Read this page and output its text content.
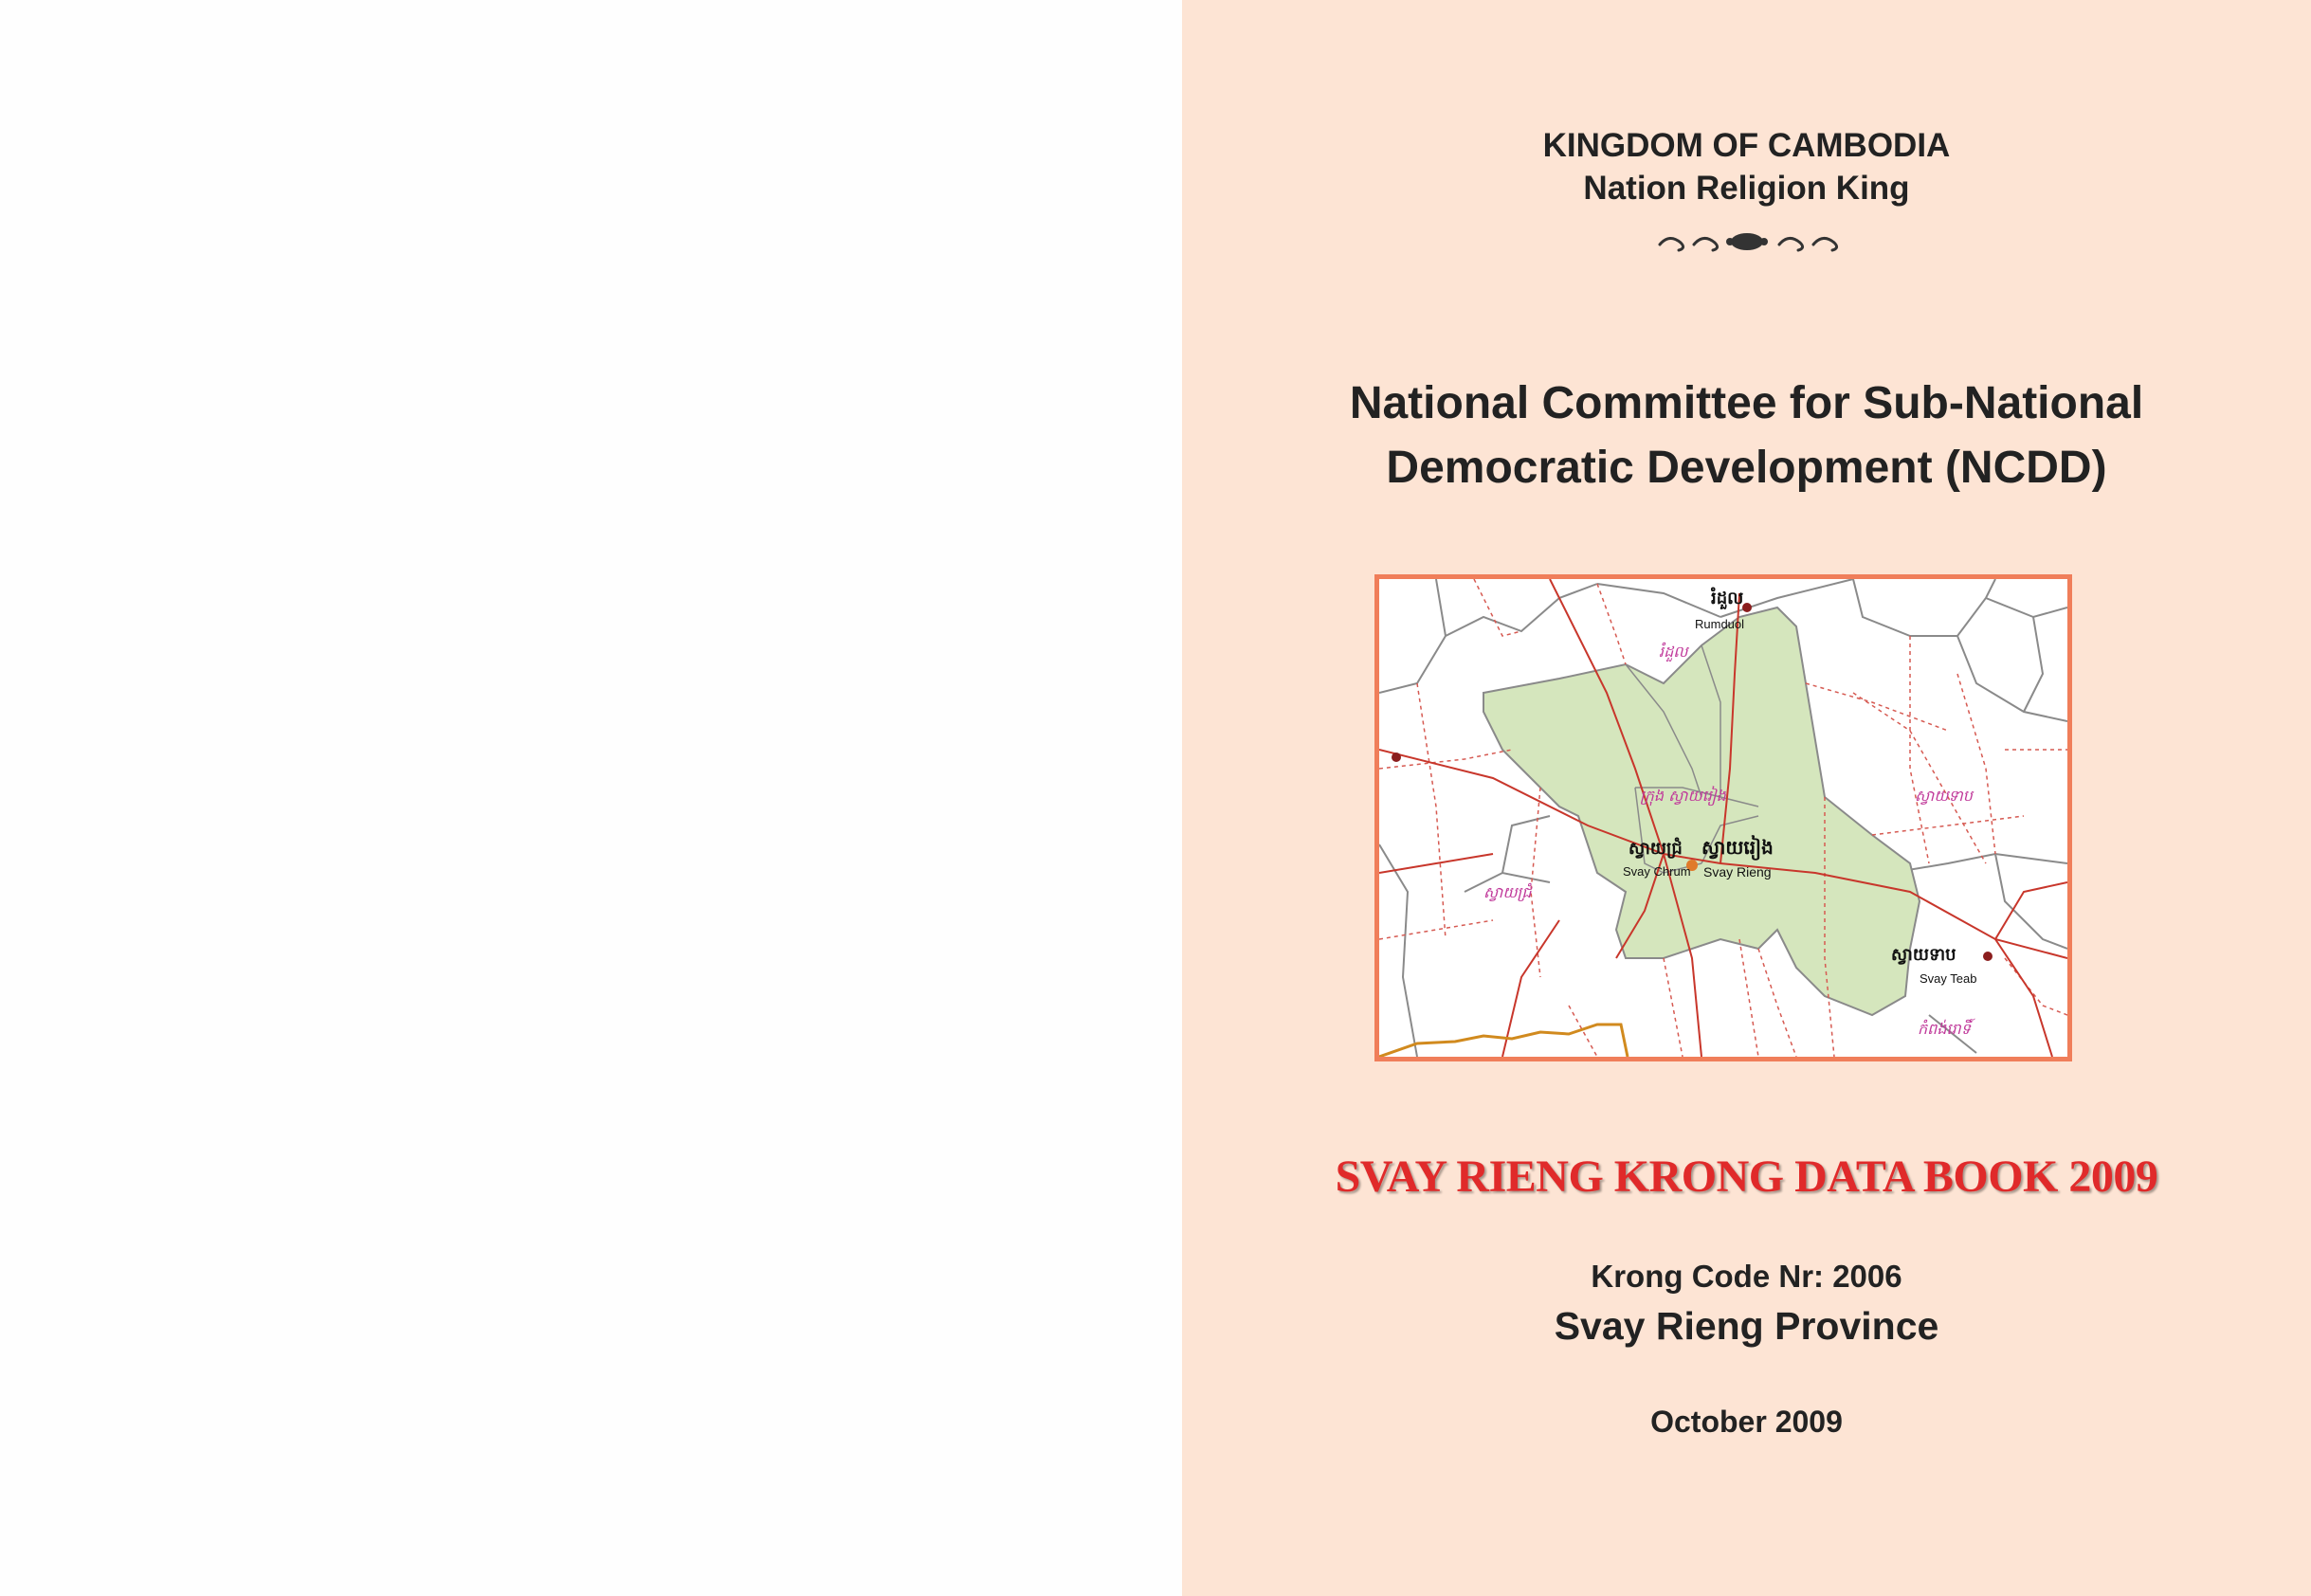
KINGDOM OF CAMBODIA
Nation Religion King
National Committee for Sub-National
Democratic Development (NCDD)
រំដួល
Rumduol
រំដួល
ក្រុង ស្វាយរៀង	ស្វាយទាប
ស្វាយជ្រំ
Svay Chrum
ស្វាយរៀង
Svay Rieng
ស្វាយជ្រំ
ស្វាយទាប
Svay Teab
កំពង់រោទិ៍
SVAY RIENG KRONG DATA BOOK 2009
Krong Code Nr: 2006
Svay Rieng Province
October 2009
